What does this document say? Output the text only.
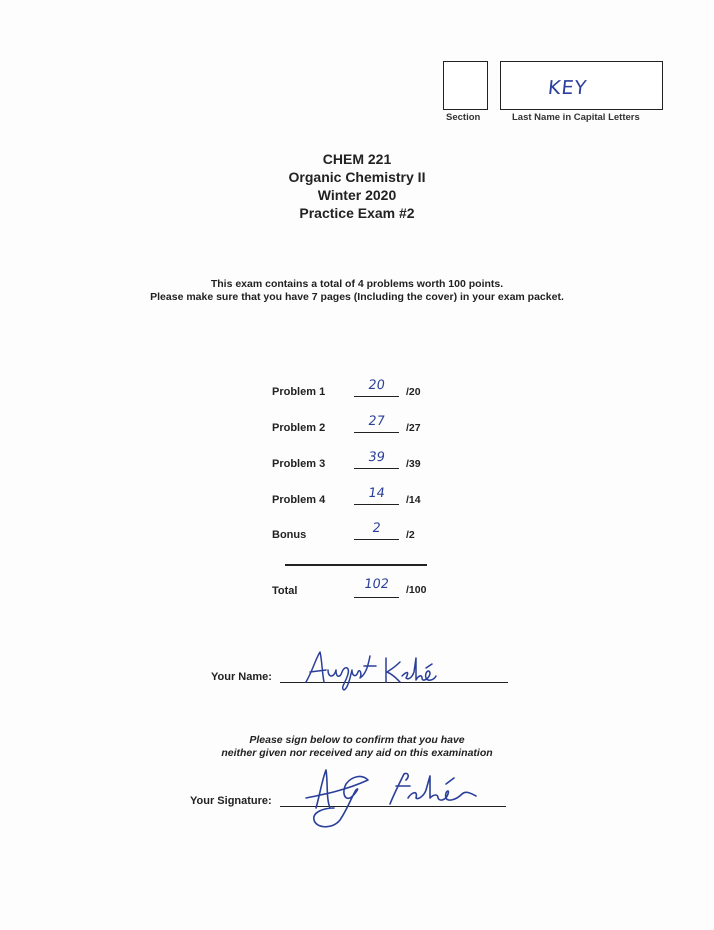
KEY
Section	Last Name in Capital Letters
CHEM 221
Organic Chemistry II
Winter 2020
Practice Exam #2
This exam contains a total of 4 problems worth 100 points.
Please make sure that you have 7 pages (Including the cover) in your exam packet.
Problem 1	20	/20
Problem 2	27	/27
Problem 3	39	/39
Problem 4	14	/14
Bonus	2	/2
Total	102	/100
Your Name:
Please sign below to confirm that you have
neither given nor received any aid on this examination
Your Signature:
